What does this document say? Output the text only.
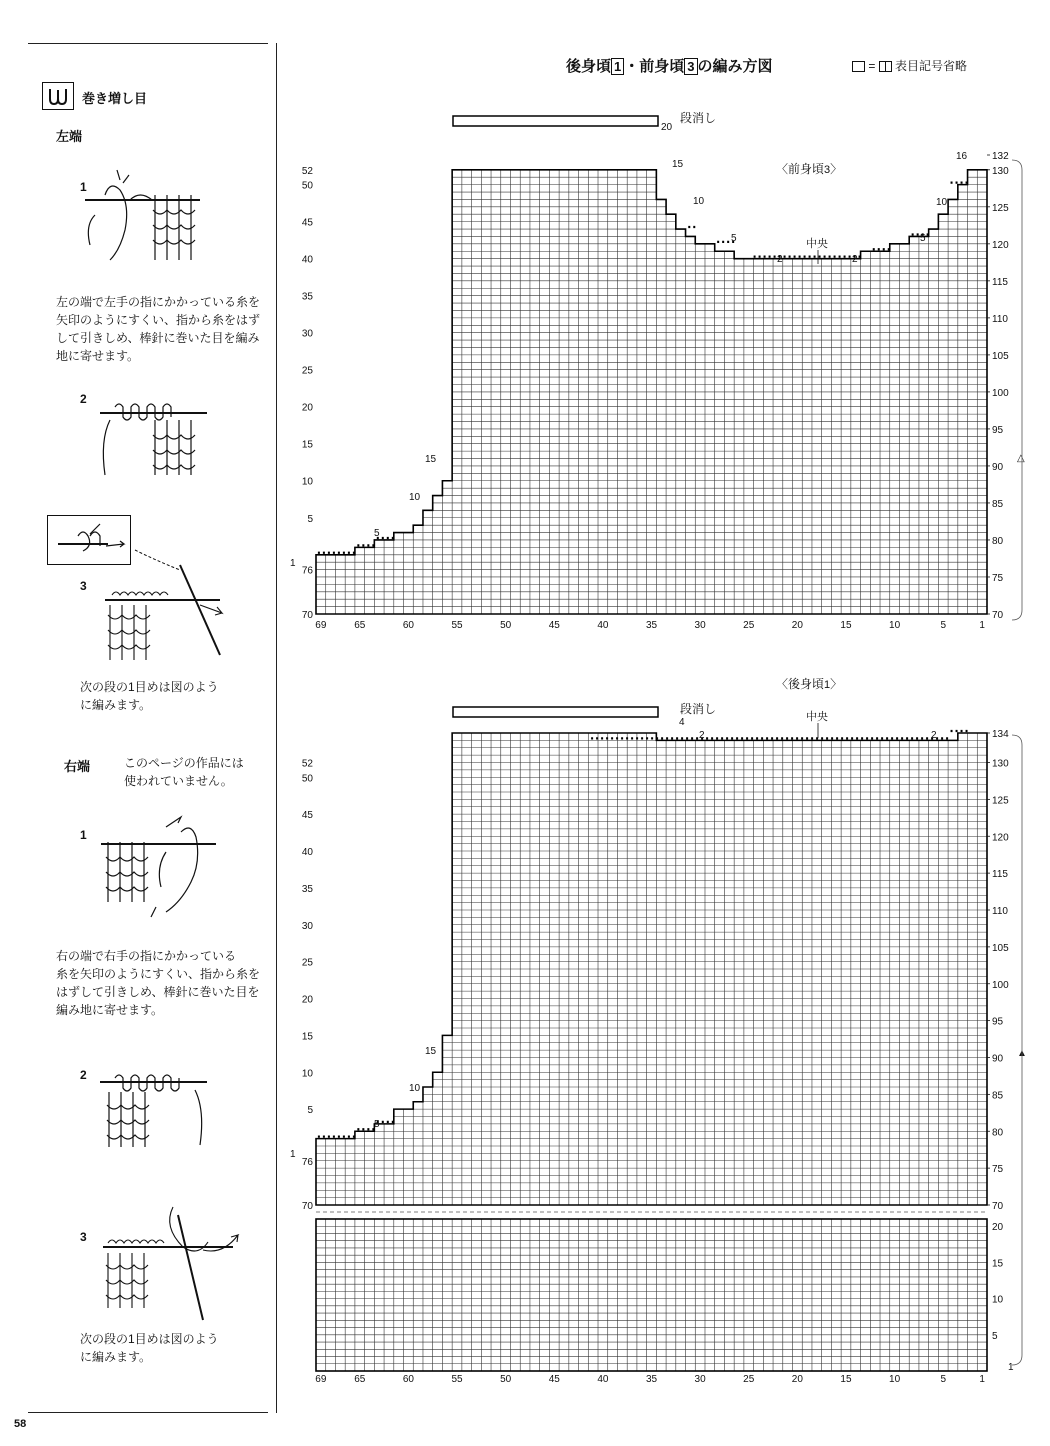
後身頃 1 ・前身頃 3 の編み方図	= 表目記号省略
巻き増し目
左端
1
左の端で左手の指にかかっている糸を
矢印のようにすくい、指から糸をはず
して引きしめ、棒針に巻いた目を編み
地に寄せます。
2
3
次の段の1目めは図のよう
に編みます。
右端	このページの作品には
使われていません。
1
右の端で右手の指にかかっている
糸を矢印のようにすくい、指から糸を
はずして引きしめ、棒針に巻いた目を
編み地に寄せます。
2
3
次の段の1目めは図のよう
に編みます。
58
52
50
45
40
35
30
25
20
15
10
5
76
70
132
130
125
120
115
110
105
100
95
90
85
80
75
70
52
50
45
40
35
30
25
20
15
10
5
76
70
134
130
125
120
115
110
105
100
95
90
85
80
75
70
20
15
10
5
69	65	60	55	50	45	40	35	30	25	20	15	10	5	1
69	65	60	55	50	45	40	35	30	25	20	15	10	5	1
〈前身頃3〉
〈後身頃1〉
中央
中央
段消し
段消し
1
5
10
15
15
10
5
2	2
5
10
16
20
1
5
10
15
4
2	2
1
△
▲
